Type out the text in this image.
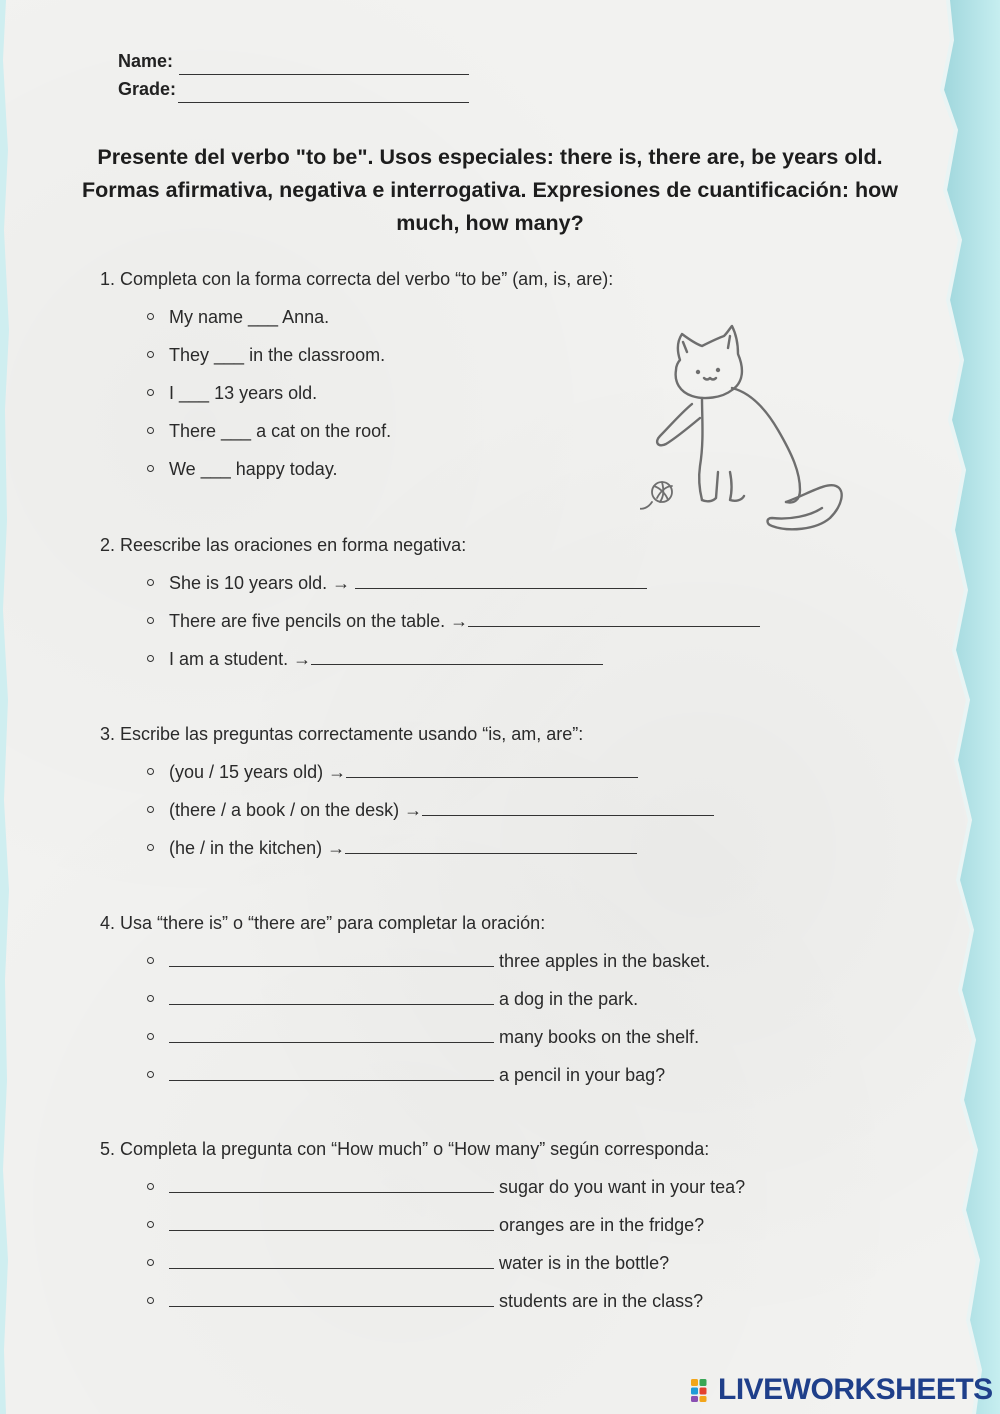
Name:
Grade:
Presente del verbo "to be". Usos especiales: there is, there are, be years old. Formas afirmativa, negativa e interrogativa. Expresiones de cuantificación: how much, how many?
1. Completa con la forma correcta del verbo “to be” (am, is, are):
My name ___ Anna.
They ___ in the classroom.
I ___ 13 years old.
There ___ a cat on the roof.
We ___ happy today.
2. Reescribe las oraciones en forma negativa:
She is 10 years old. →
There are five pencils on the table. →
I am a student. →
3. Escribe las preguntas correctamente usando “is, am, are”:
(you / 15 years old) →
(there / a book / on the desk) →
(he / in the kitchen) →
4. Usa “there is” o “there are” para completar la oración:
three apples in the basket.
a dog in the park.
many books on the shelf.
a pencil in your bag?
5. Completa la pregunta con “How much” o “How many” según corresponda:
sugar do you want in your tea?
oranges are in the fridge?
water is in the bottle?
students are in the class?
LIVEWORKSHEETS
